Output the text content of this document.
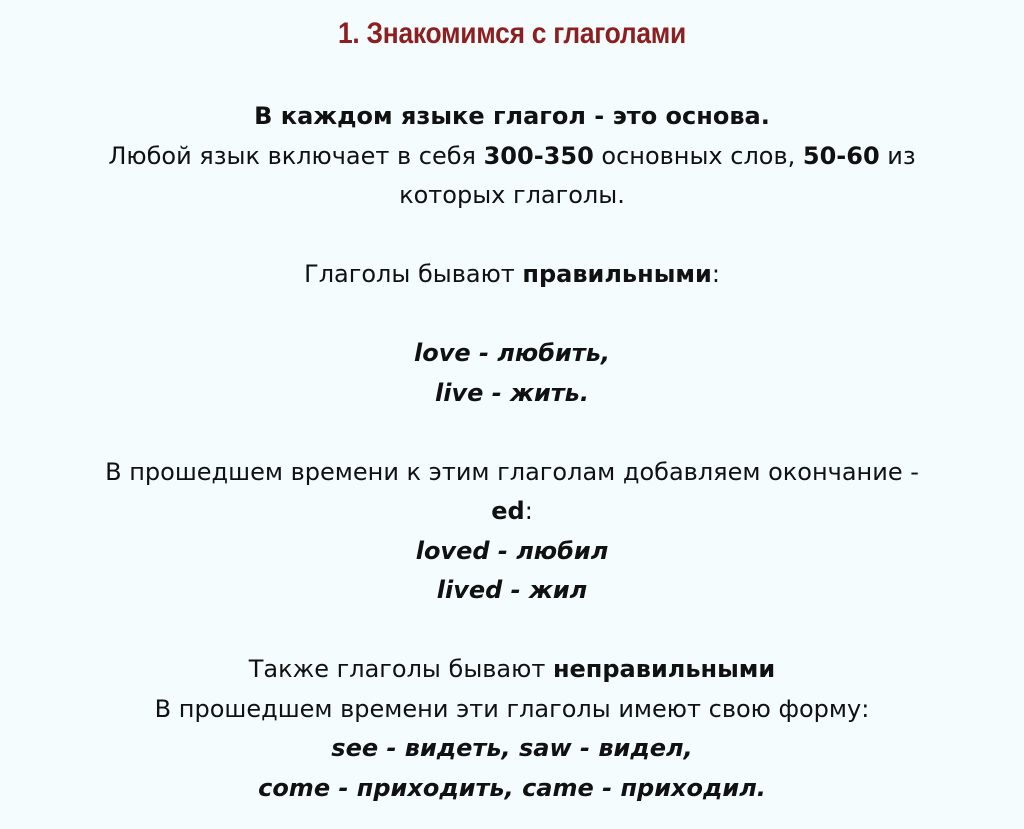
1. Знакомимся с глаголами

В каждом языке глагол - это основа.

Любой язык включает в себя 300-350 основных слов, 50-60 из

которых глаголы.

Глаголы бывают правильными:

love - любить,

live - жить.

В прошедшем времени к этим глаголам добавляем окончание -

ed:

loved - любил

lived - жил

Также глаголы бывают неправильными

В прошедшем времени эти глаголы имеют свою форму:

see - видеть, saw - видел,

come - приходить, came - приходил.
